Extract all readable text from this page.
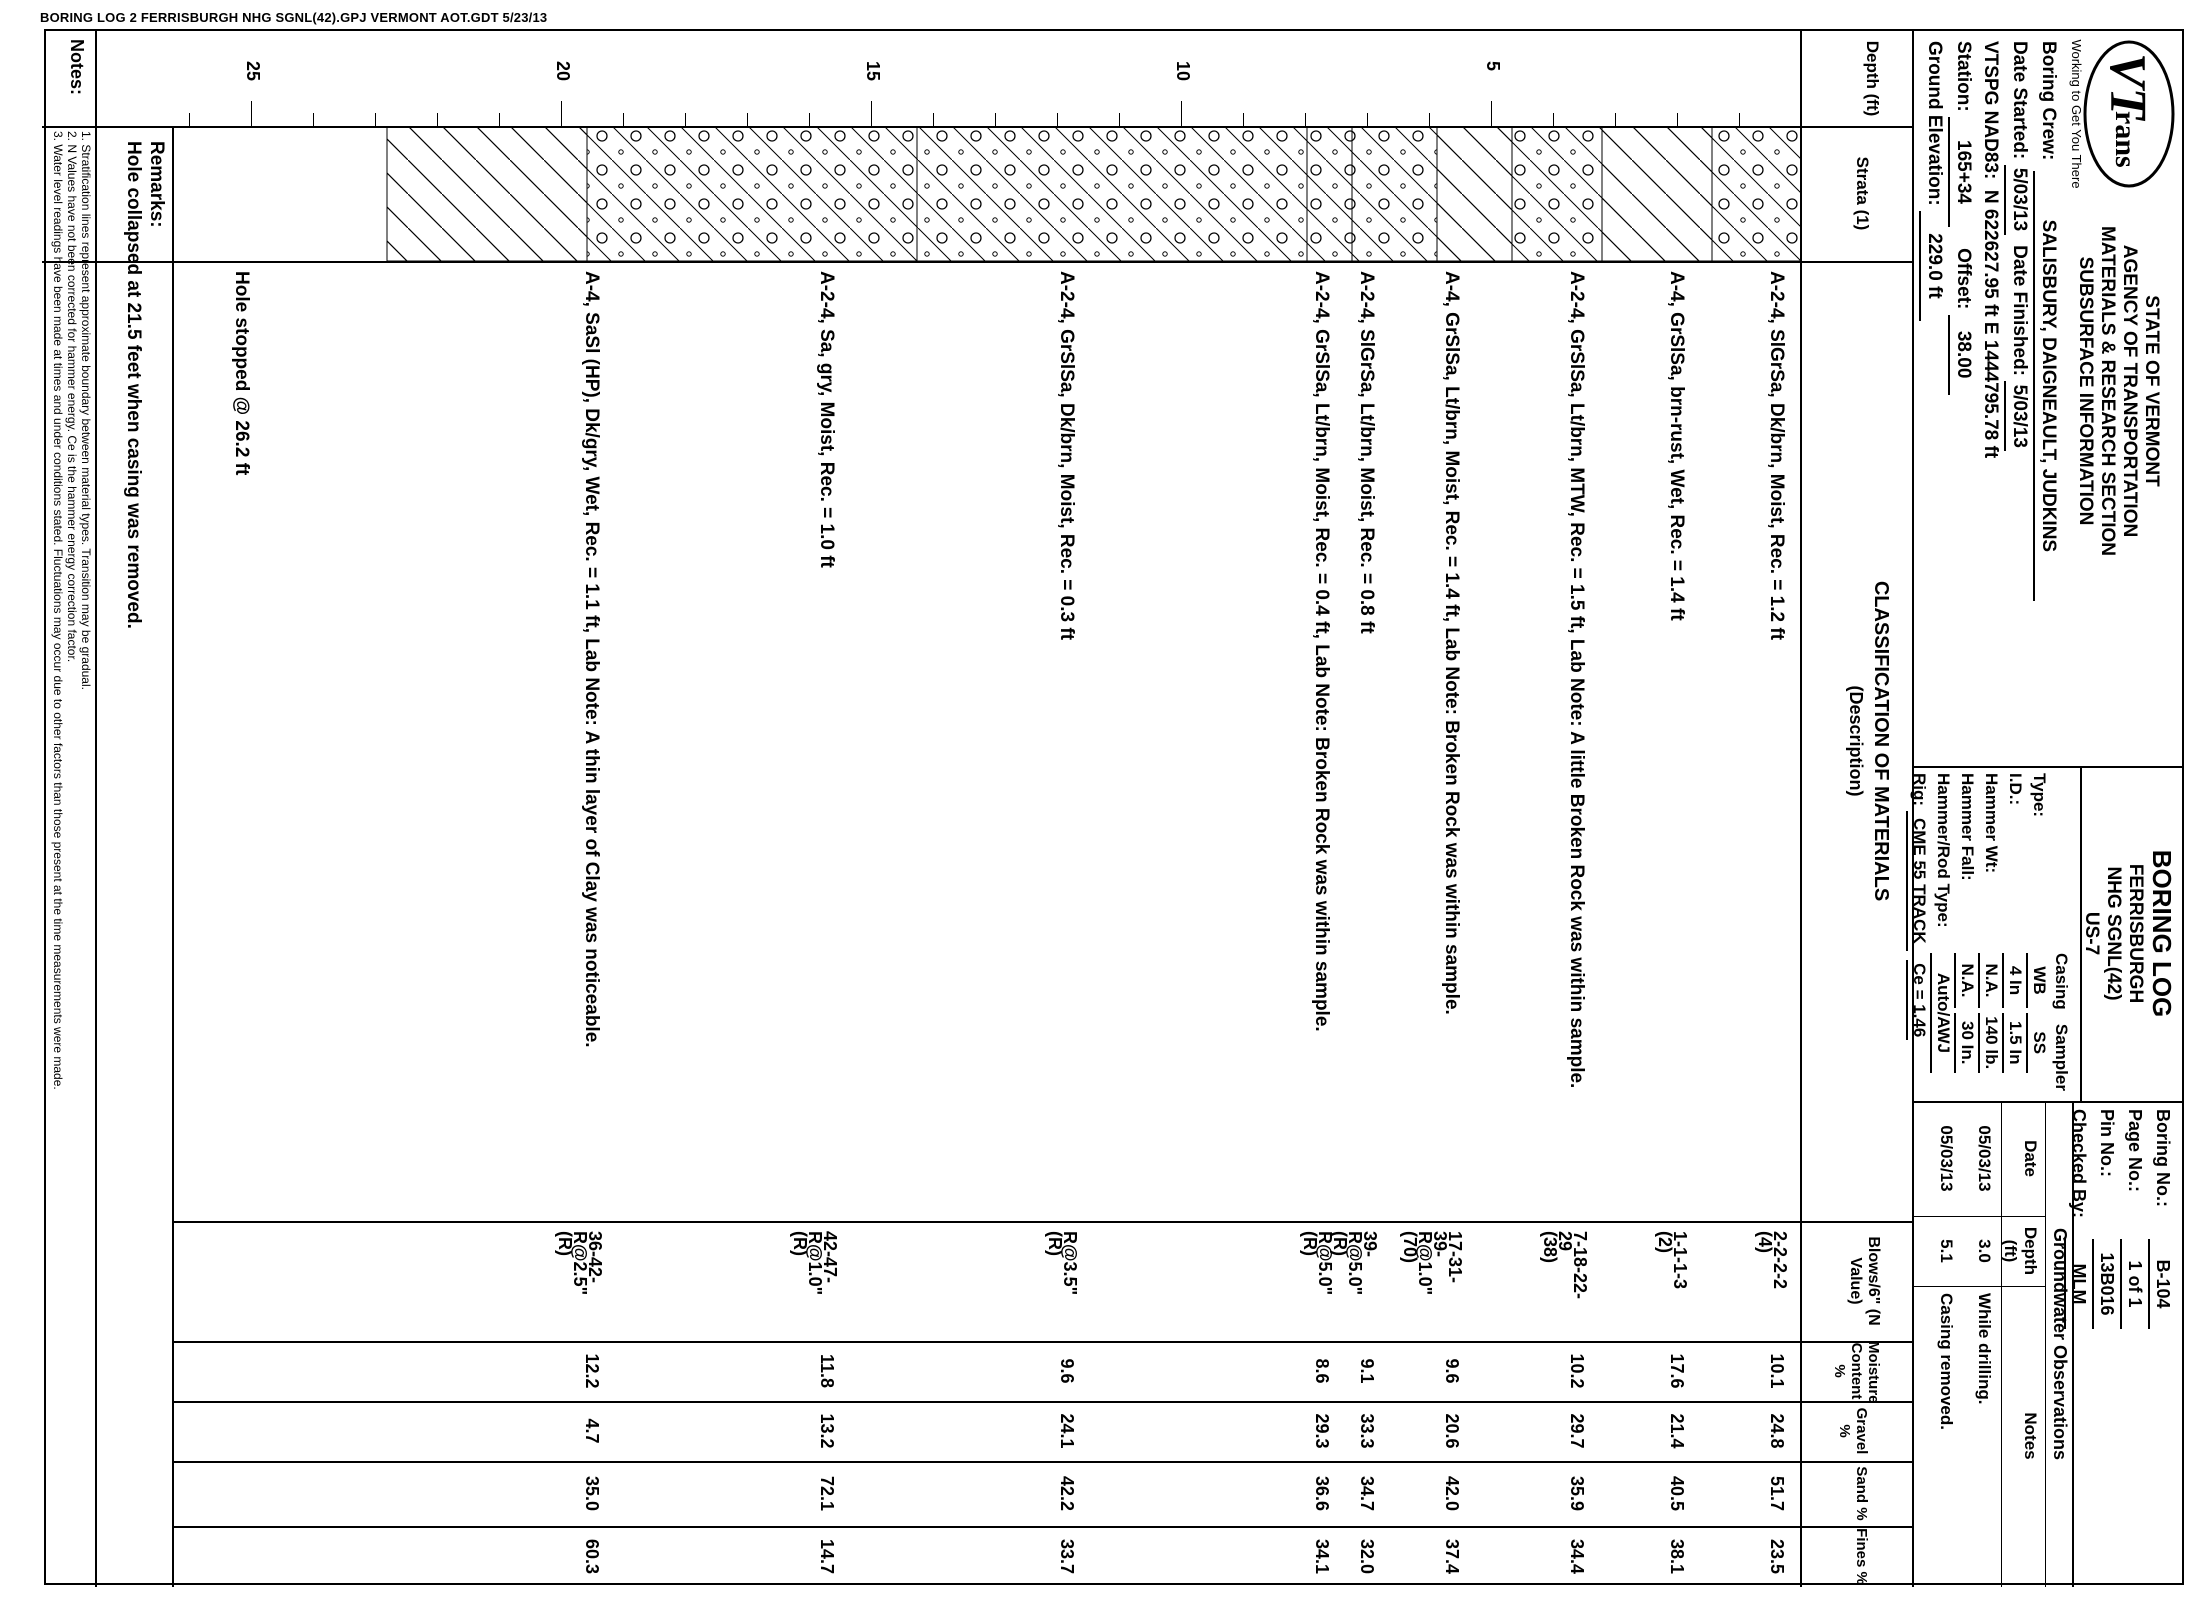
BORING LOG 2 FERRISBURGH NHG SGNL(42).GPJ VERMONT AOT.GDT 5/23/13
VT
rans
Working to Get You There
STATE OF VERMONT
AGENCY OF TRANSPORTATION
MATERIALS & RESEARCH SECTION
SUBSURFACE INFORMATION
Boring Crew:  SALISBURY, DAIGNEAULT, JUDKINS
Date Started: 5/03/13  Date Finished: 5/03/13
VTSPG NAD83:  N 622627.95 ft E 1444795.78 ft
Station: 165+34    Offset: 38.00
Ground Elevation: 229.0 ft
Casing   Sampler
Type:WB SS
I.D.:4 In 1.5 In
Hammer Wt:N.A. 140 lb.
Hammer Fall:N.A. 30 In.
Hammer/Rod Type:Auto/AWJ
Rig: CME 55 TRACK  Ce = 1.46	BORING LOG
FERRISBURGH
NHG SGNL(42)
US-7
Boring No.:B-104
Page No.:1 of 1
Pin No.:13B016
Checked By:MLM
Groundwater Observations
Date
Depth (ft)
Notes
05/03/13
3.0
While drilling.
05/03/13
5.1
Casing removed.
Depth (ft)
Strata (1)
CLASSIFICATION OF MATERIALS
(Description)
Blows/6" (N Value)
Moisture Content %
Gravel %
Sand %
Fines %
5
10
15
20
25
A-2-4, SlGrSa, Dk/brn, Moist, Rec. = 1.2 ft
2-2-2-2
(4)
10.1
24.8
51.7
23.5
A-4, GrSlSa, brn-rust, Wet, Rec. = 1.4 ft
1-1-1-3
(2)
17.6
21.4
40.5
38.1
A-2-4, GrSlSa, Lt/brn, MTW, Rec. = 1.5 ft, Lab Note: A little Broken Rock was within sample.
7-18-22-
29
(38)
10.2
29.7
35.9
34.4
A-4, GrSlSa, Lt/brn, Moist, Rec. = 1.4 ft, Lab Note: Broken Rock was within sample.
17-31-
39-
R@1.0"
(70)
9.6
20.6
42.0
37.4
A-2-4, SlGrSa, Lt/brn, Moist, Rec. = 0.8 ft
39-
R@5.0"
(R)
9.1
33.3
34.7
32.0
A-2-4, GrSlSa, Lt/brn, Moist, Rec. = 0.4 ft, Lab Note: Broken Rock was within sample.
R@5.0"
(R)
8.6
29.3
36.6
34.1
A-2-4, GrSlSa, Dk/brn, Moist, Rec. = 0.3 ft
R@3.5"
(R)
9.6
24.1
42.2
33.7
A-2-4, Sa, gry, Moist, Rec. = 1.0 ft
42-47-
R@1.0"
(R)
11.8
13.2
72.1
14.7
A-4, SaSl (HP), Dk/gry, Wet, Rec. = 1.1 ft, Lab Note: A thin layer of Clay was noticeable.
36-42-
R@2.5"
(R)
12.2
4.7
35.0
60.3
Hole stopped @ 26.2 ft
Remarks:
Hole collapsed at 21.5 feet when casing was removed.
Notes:
1. Stratification lines represent approximate boundary between material types. Transition may be gradual.
2. N Values have not been corrected for hammer energy. Ce is the hammer energy correction factor.
3. Water level readings have been made at times and under conditions stated. Fluctuations may occur due to other factors than those present at the time measurements were made.
